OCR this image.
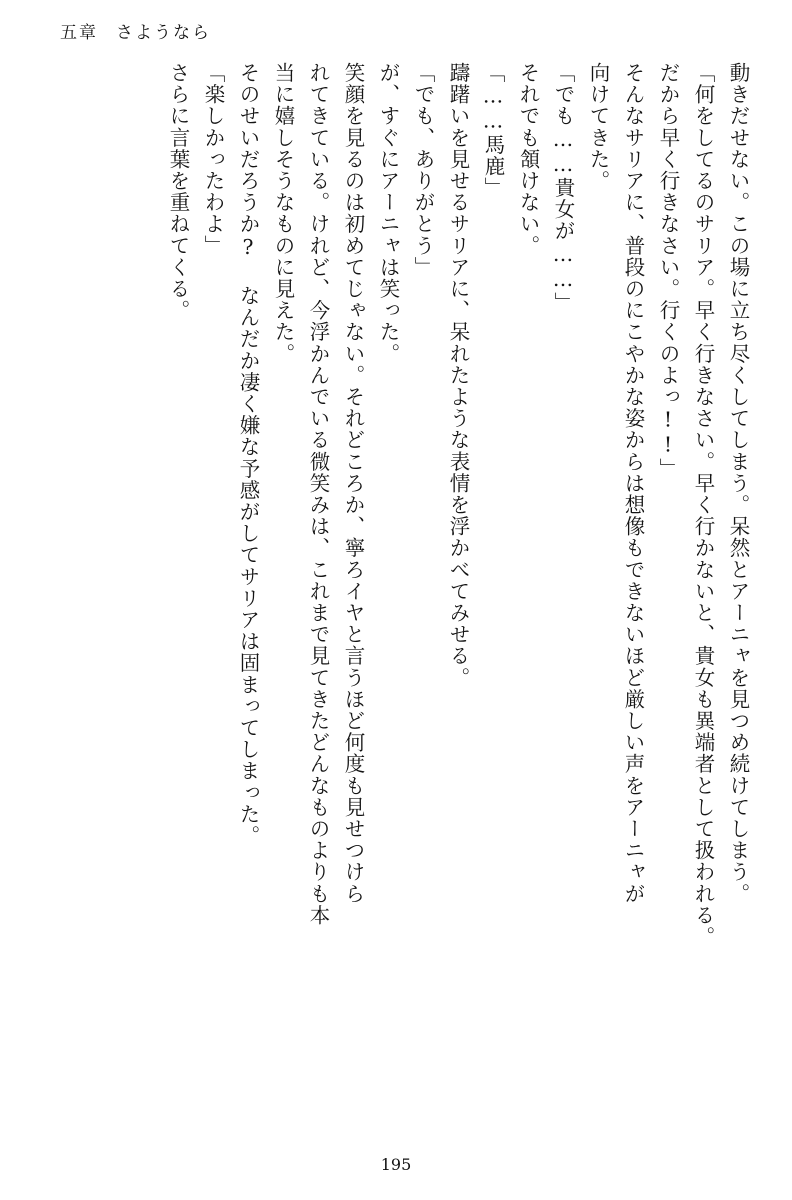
五章 さようなら
動きだせない。この場に立ち尽くしてしまう。呆然とアーニャを見つめ続けてしまう。
「何をしてるのサリア。早く行きなさい。早く行かないと、貴女も異端者として扱われる。
だから早く行きなさい。行くのよっ!!」
そんなサリアに、普段のにこやかな姿からは想像もできないほど厳しい声をアーニャが
向けてきた。
「でも……貴女が……」
それでも頷けない。
「……馬鹿」
躊躇いを見せるサリアに、呆れたような表情を浮かべてみせる。
「でも、ありがとう」
が、すぐにアーニャは笑った。
笑顔を見るのは初めてじゃない。それどころか、寧ろイヤと言うほど何度も見せつけら
れてきている。けれど、今浮かんでいる微笑みは、これまで見てきたどんなものよりも本
当に嬉しそうなものに見えた。
そのせいだろうか? なんだか凄く嫌な予感がしてサリアは固まってしまった。
「楽しかったわよ」
さらに言葉を重ねてくる。
195
